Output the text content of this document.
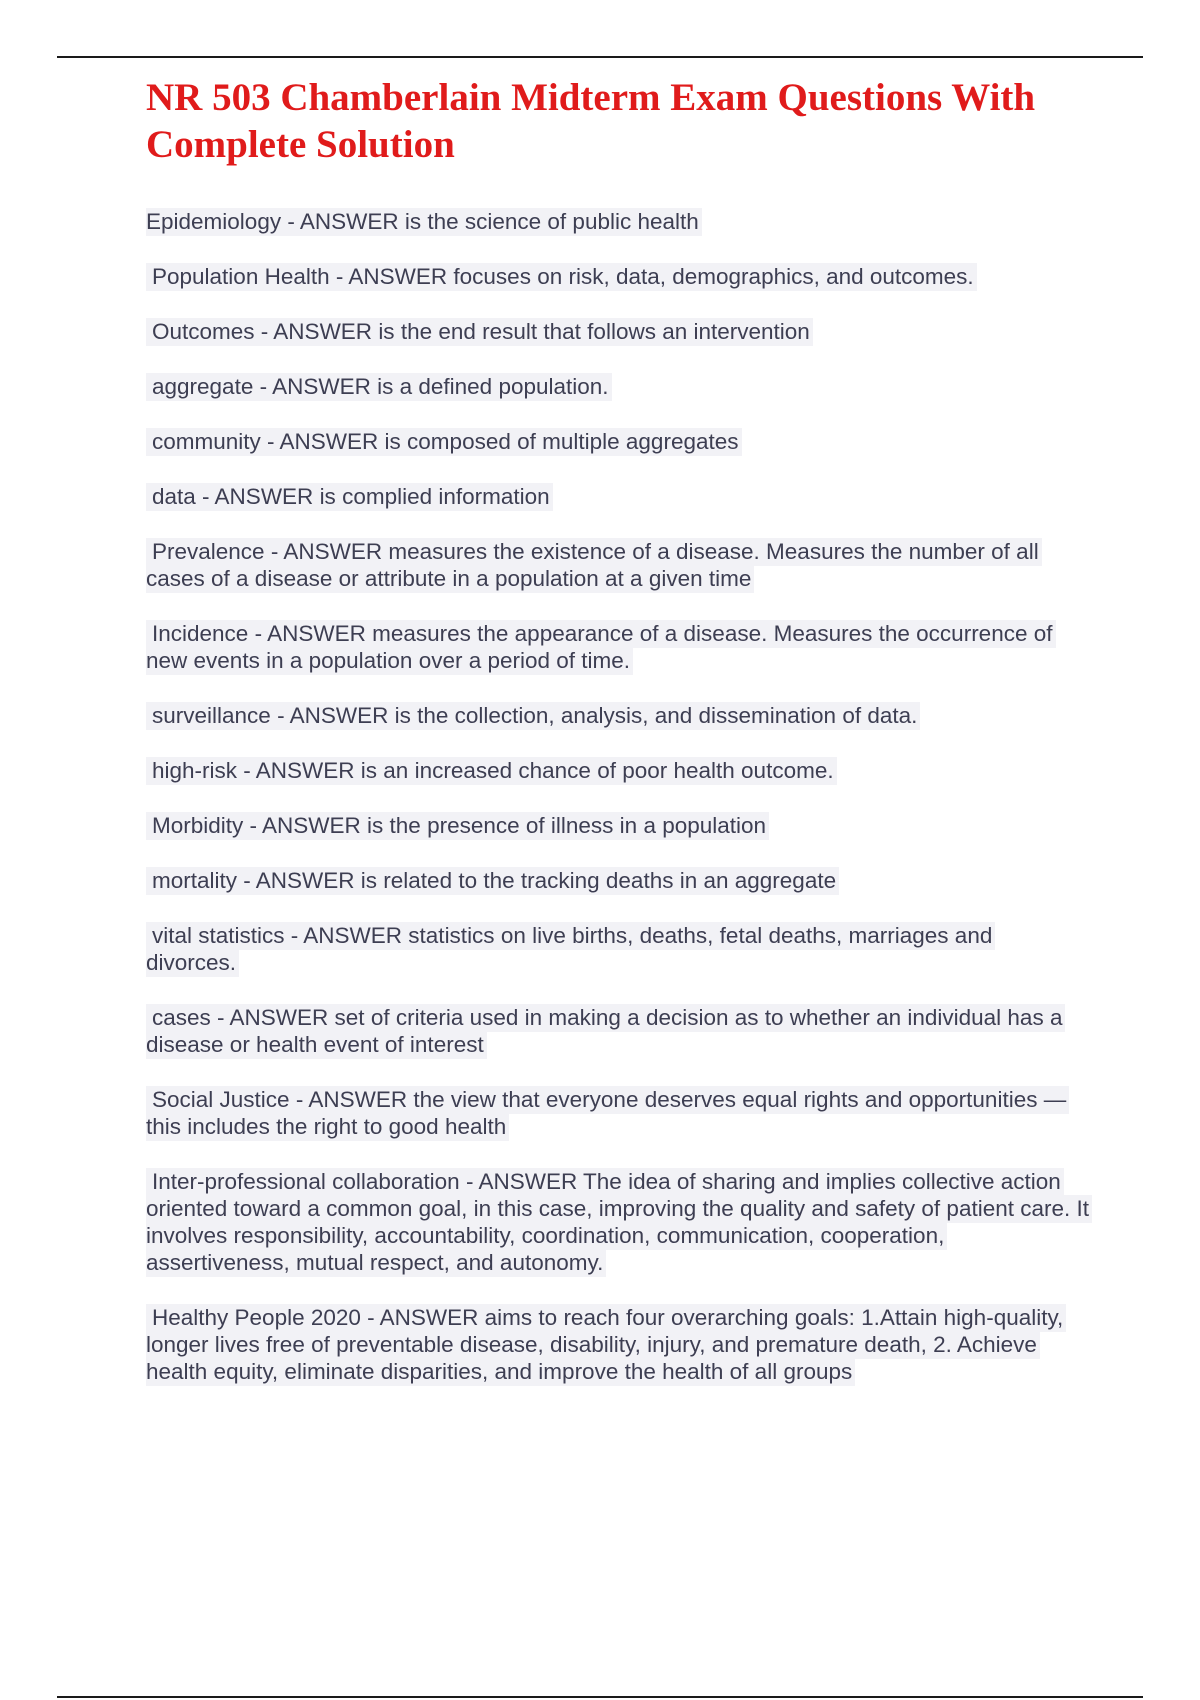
NR 503 Chamberlain Midterm Exam Questions With Complete Solution
Epidemiology - ANSWER is the science of public health
Population Health - ANSWER focuses on risk, data, demographics, and outcomes.
Outcomes - ANSWER is the end result that follows an intervention
aggregate - ANSWER is a defined population.
community - ANSWER is composed of multiple aggregates
data - ANSWER is complied information
Prevalence - ANSWER measures the existence of a disease. Measures the number of all cases of a disease or attribute in a population at a given time
Incidence - ANSWER measures the appearance of a disease. Measures the occurrence of new events in a population over a period of time.
surveillance - ANSWER is the collection, analysis, and dissemination of data.
high-risk - ANSWER is an increased chance of poor health outcome.
Morbidity - ANSWER is the presence of illness in a population
mortality - ANSWER is related to the tracking deaths in an aggregate
vital statistics - ANSWER statistics on live births, deaths, fetal deaths, marriages and divorces.
cases - ANSWER set of criteria used in making a decision as to whether an individual has a disease or health event of interest
Social Justice - ANSWER the view that everyone deserves equal rights and opportunities —this includes the right to good health
Inter-professional collaboration - ANSWER The idea of sharing and implies collective action oriented toward a common goal, in this case, improving the quality and safety of patient care. It involves responsibility, accountability, coordination, communication, cooperation, assertiveness, mutual respect, and autonomy.
Healthy People 2020 - ANSWER aims to reach four overarching goals: 1.Attain high-quality, longer lives free of preventable disease, disability, injury, and premature death, 2. Achieve health equity, eliminate disparities, and improve the health of all groups
